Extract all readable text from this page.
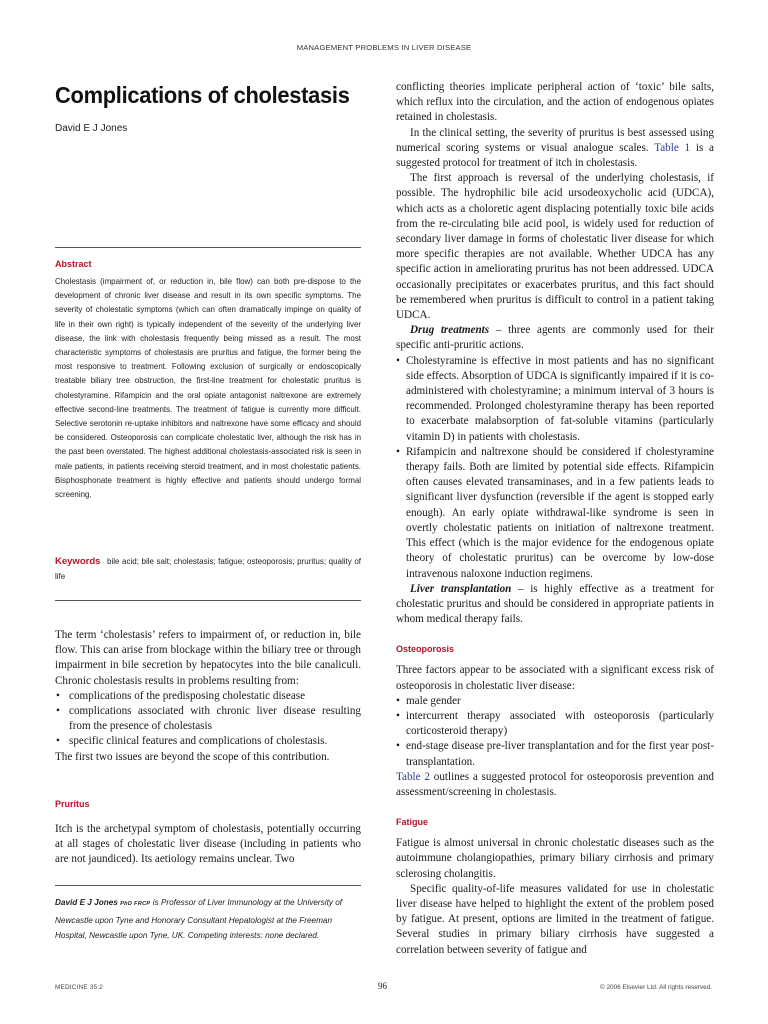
MANAGEMENT PROBLEMS IN LIVER DISEASE
Complications of cholestasis
David E J Jones
Abstract

Cholestasis (impairment of, or reduction in, bile flow) can both pre-dispose to the development of chronic liver disease and result in its own specific symptoms. The severity of cholestatic symptoms (which can often dramatically impinge on quality of life in their own right) is typically independent of the severity of the underlying liver disease, the link with cholestasis frequently being missed as a result. The most characteristic symptoms of cholestasis are pruritus and fatigue, the former being the most responsive to treatment. Following exclusion of surgically or endoscopically treatable biliary tree obstruction, the first-line treatment for cholestatic pruritus is cholestyramine. Rifampicin and the oral opiate antagonist naltrexone are extremely effective second-line treatments. The treatment of fatigue is currently more difficult. Selective serotonin re-uptake inhibitors and naltrexone have some efficacy and should be considered. Osteoporosis can complicate cholestatic liver, although the risk has in the past been overstated. The highest additional cholestasis-associated risk is seen in male patients, in patients receiving steroid treatment, and in most cholestatic patients. Bisphosphonate treatment is highly effective and patients should undergo formal screening.

Keywords bile acid; bile salt; cholestasis; fatigue; osteoporosis; pruritus; quality of life

The term ‘cholestasis’ refers to impairment of, or reduction in, bile flow. This can arise from blockage within the biliary tree or through impairment in bile secretion by hepatocytes into the bile canaliculi. Chronic cholestasis results in problems resulting from:

• complications of the predisposing cholestatic disease
• complications associated with chronic liver disease resulting from the presence of cholestasis
• specific clinical features and complications of cholestasis.

The first two issues are beyond the scope of this contribution.

Pruritus

Itch is the archetypal symptom of cholestasis, potentially occurring at all stages of cholestatic liver disease (including in patients who are not jaundiced). Its aetiology remains unclear. Two

David E J Jones PhD FRCP is Professor of Liver Immunology at the University of Newcastle upon Tyne and Honorary Consultant Hepatologist at the Freeman Hospital, Newcastle upon Tyne, UK. Competing interests: none declared.

conflicting theories implicate peripheral action of ‘toxic’ bile salts, which reflux into the circulation, and the action of endogenous opiates retained in cholestasis.

In the clinical setting, the severity of pruritus is best assessed using numerical scoring systems or visual analogue scales. Table 1 is a suggested protocol for treatment of itch in cholestasis.

The first approach is reversal of the underlying cholestasis, if possible. The hydrophilic bile acid ursodeoxycholic acid (UDCA), which acts as a choloretic agent displacing potentially toxic bile acids from the re-circulating bile acid pool, is widely used for reduction of secondary liver damage in forms of cholestatic liver disease for which more specific therapies are not available. Whether UDCA has any specific action in ameliorating pruritus has not been addressed. UDCA occasionally precipitates or exacerbates pruritus, and this fact should be remembered when pruritus is difficult to control in a patient taking UDCA.

Drug treatments – three agents are commonly used for their specific anti-pruritic actions.

• Cholestyramine is effective in most patients and has no significant side effects. Absorption of UDCA is significantly impaired if it is co-administered with cholestyramine; a minimum interval of 3 hours is recommended. Prolonged cholestyramine therapy has been reported to exacerbate malabsorption of fat-soluble vitamins (particularly vitamin D) in patients with cholestasis.
• Rifampicin and naltrexone should be considered if cholestyramine therapy fails. Both are limited by potential side effects. Rifampicin often causes elevated transaminases, and in a few patients leads to significant liver dysfunction (reversible if the agent is stopped early enough). An early opiate withdrawal-like syndrome is seen in overtly cholestatic patients on initiation of naltrexone treatment. This effect (which is the major evidence for the endogenous opiate theory of cholestatic pruritus) can be overcome by low-dose intravenous naloxone induction regimens.

Liver transplantation – is highly effective as a treatment for cholestatic pruritus and should be considered in appropriate patients in whom medical therapy fails.

Osteoporosis

Three factors appear to be associated with a significant excess risk of osteoporosis in cholestatic liver disease:

• male gender
• intercurrent therapy associated with osteoporosis (particularly corticosteroid therapy)
• end-stage disease pre-liver transplantation and for the first year post-transplantation.

Table 2 outlines a suggested protocol for osteoporosis prevention and assessment/screening in cholestasis.

Fatigue

Fatigue is almost universal in chronic cholestatic diseases such as the autoimmune cholangiopathies, primary biliary cirrhosis and primary sclerosing cholangitis.

Specific quality-of-life measures validated for use in cholestatic liver disease have helped to highlight the extent of the problem posed by fatigue. At present, options are limited in the treatment of fatigue. Several studies in primary biliary cirrhosis have suggested a correlation between severity of fatigue and

MEDICINE 35:2	96	© 2006 Elsevier Ltd. All rights reserved.
